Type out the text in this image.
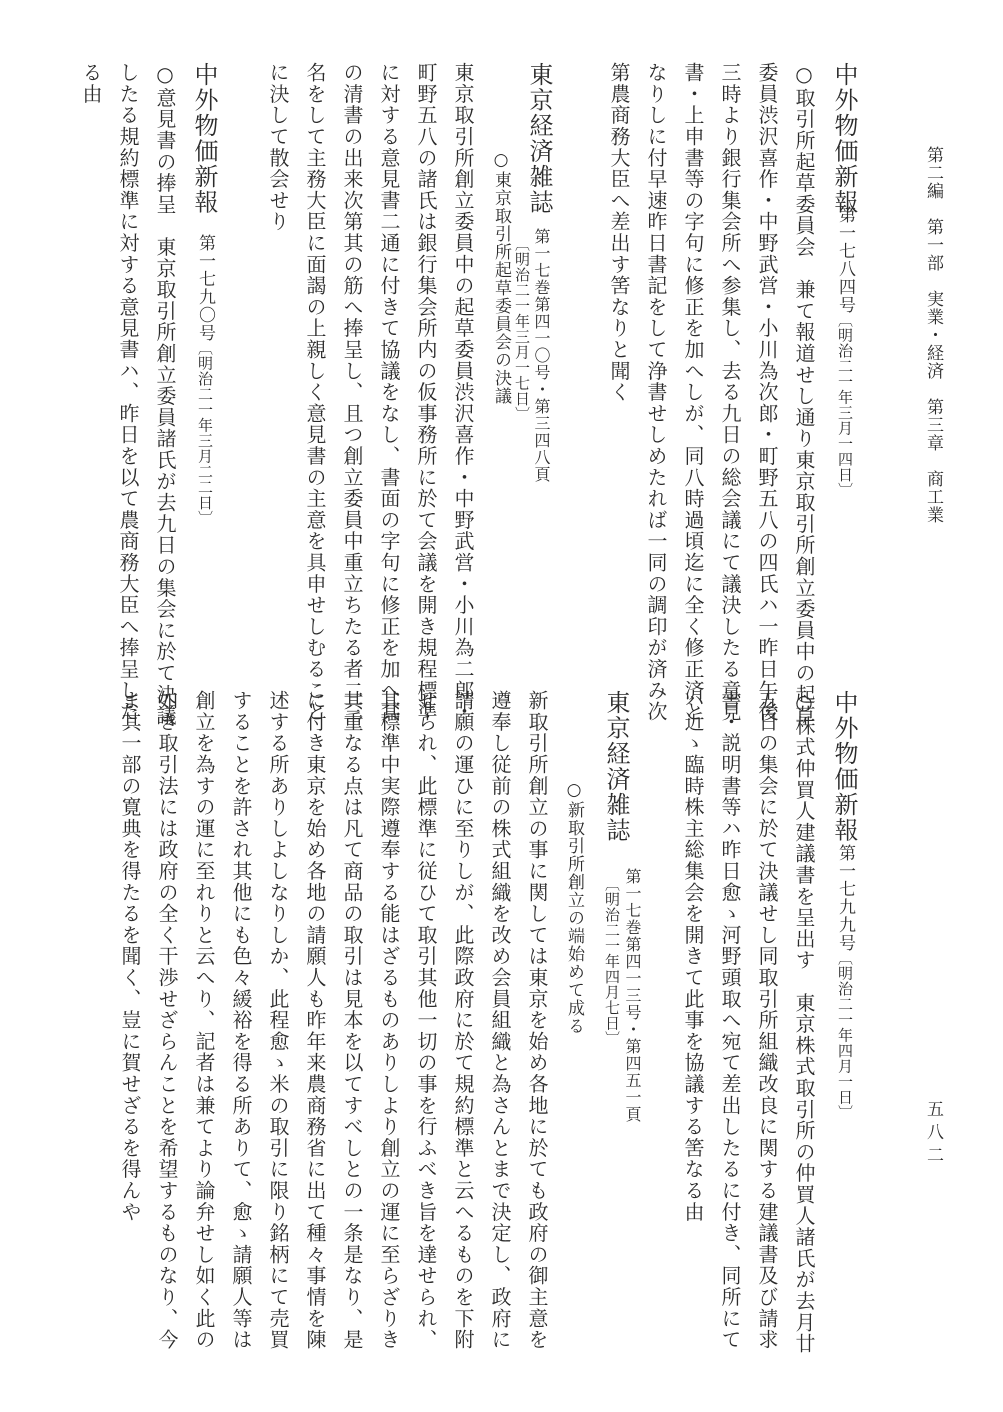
第二編　第一部　実業・経済　第三章　商工業
五八二
中外物価新報
第一七八四号
〔明治二一年三月一四日〕
○取引所起草委員会　兼て報道せし通り東京取引所創立委員中の起草
委員渋沢喜作・中野武営・小川為次郎・町野五八の四氏ハ一昨日午後
三時より銀行集会所へ参集し、去る九日の総会議にて議決したる意見
書・上申書等の字句に修正を加へしが、同八時過頃迄に全く修正済と
なりしに付早速昨日書記をして浄書せしめたれば一同の調印が済み次
第農商務大臣へ差出す筈なりと聞く
東京経済雑誌
○東京取引所起草委員会の決議 第一七巻第四一〇号・第三四八頁
〔明治二一年三月一七日〕
東京取引所創立委員中の起草委員渋沢喜作・中野武営・小川為二郎・
町野五八の諸氏は銀行集会所内の仮事務所に於て会議を開き規程標準
に対する意見書二通に付きて協議をなし、書面の字句に修正を加へ其
の清書の出来次第其の筋へ捧呈し、且つ創立委員中重立ちたる者二三
名をして主務大臣に面謁の上親しく意見書の主意を具申せしむること
に決して散会せり
中外物価新報
第一七九〇号
〔明治二一年三月二二日〕
○意見書の捧呈　東京取引所創立委員諸氏が去九日の集会に於て決議
したる規約標準に対する意見書ハ、昨日を以て農商務大臣へ捧呈した
る由
中外物価新報
第一七九九号
〔明治二一年四月一日〕
○株式仲買人建議書を呈出す　東京株式取引所の仲買人諸氏が去月廿
五日の集会に於て決議せし同取引所組織改良に関する建議書及び請求
書・説明書等ハ昨日愈ゝ河野頭取へ宛て差出したるに付き、同所にて
ハ近ゝ臨時株主総集会を開きて此事を協議する筈なる由
東京経済雑誌
○新取引所創立の端始めて成る 第一七巻第四一三号・第四五一頁
〔明治二一年四月七日〕
新取引所創立の事に関しては東京を始め各地に於ても政府の御主意を
遵奉し従前の株式組織を改め会員組織と為さんとまで決定し、政府に
請願の運ひに至りしが、此際政府に於て規約標準と云へるものを下附
せられ、此標準に従ひて取引其他一切の事を行ふべき旨を達せられ、
其標準中実際遵奉する能はざるものありしより創立の運に至らざりき
其重なる点は凡て商品の取引は見本を以てすべしとの一条是なり、是
に付き東京を始め各地の請願人も昨年来農商務省に出て種々事情を陳
述する所ありしよしなりしか、此程愈ゝ米の取引に限り銘柄にて売買
することを許され其他にも色々緩裕を得る所ありて、愈ゝ請願人等は
創立を為すの運に至れりと云へり、記者は兼てより論弁せし如く此の
如き取引法には政府の全く干渉せざらんことを希望するものなり、今
ま其一部の寛典を得たるを聞く、豈に賀せざるを得んや
